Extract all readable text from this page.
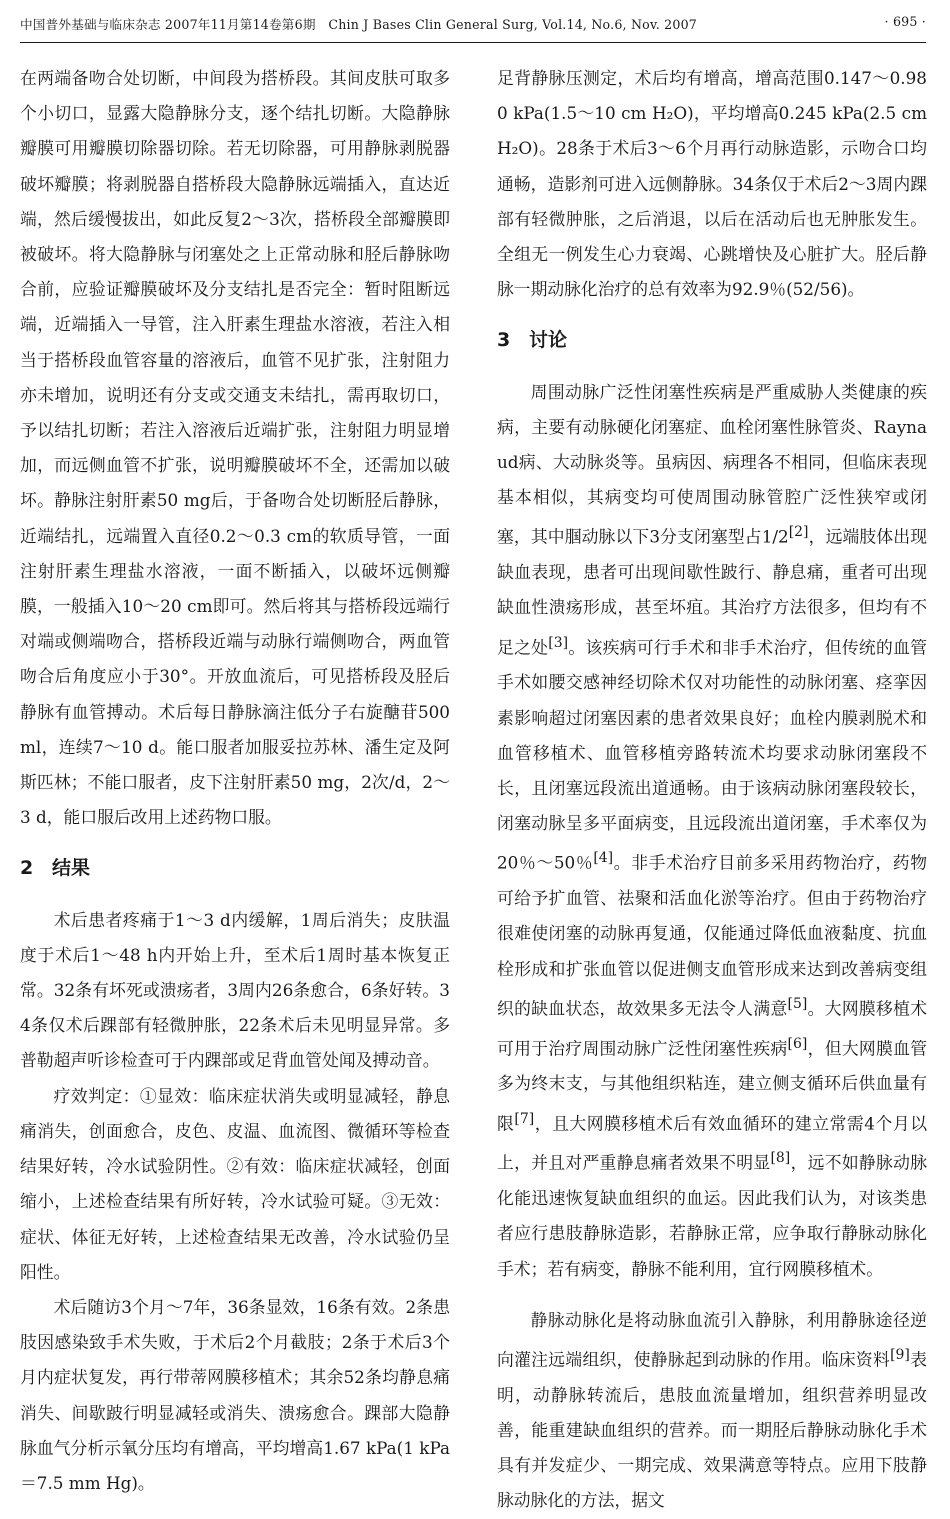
中国普外基础与临床杂志 2007年11月第14卷第6期　Chin J Bases Clin General Surg, Vol.14, No.6, Nov. 2007	· 695 ·

在两端备吻合处切断，中间段为搭桥段。其间皮肤可取多个小切口，显露大隐静脉分支，逐个结扎切断。大隐静脉瓣膜可用瓣膜切除器切除。若无切除器，可用静脉剥脱器破坏瓣膜；将剥脱器自搭桥段大隐静脉远端插入，直达近端，然后缓慢拔出，如此反复2～3次，搭桥段全部瓣膜即被破坏。将大隐静脉与闭塞处之上正常动脉和胫后静脉吻合前，应验证瓣膜破坏及分支结扎是否完全：暂时阻断远端，近端插入一导管，注入肝素生理盐水溶液，若注入相当于搭桥段血管容量的溶液后，血管不见扩张，注射阻力亦未增加，说明还有分支或交通支未结扎，需再取切口，予以结扎切断；若注入溶液后近端扩张，注射阻力明显增加，而远侧血管不扩张，说明瓣膜破坏不全，还需加以破坏。静脉注射肝素50 mg后，于备吻合处切断胫后静脉，近端结扎，远端置入直径0.2～0.3 cm的软质导管，一面注射肝素生理盐水溶液，一面不断插入，以破坏远侧瓣膜，一般插入10～20 cm即可。然后将其与搭桥段远端行对端或侧端吻合，搭桥段近端与动脉行端侧吻合，两血管吻合后角度应小于30°。开放血流后，可见搭桥段及胫后静脉有血管搏动。术后每日静脉滴注低分子右旋醣苷500 ml，连续7～10 d。能口服者加服妥拉苏林、潘生定及阿斯匹林；不能口服者，皮下注射肝素50 mg，2次/d，2～3 d，能口服后改用上述药物口服。

2 结果

术后患者疼痛于1～3 d内缓解，1周后消失；皮肤温度于术后1～48 h内开始上升，至术后1周时基本恢复正常。32条有坏死或溃疡者，3周内26条愈合，6条好转。34条仅术后踝部有轻微肿胀，22条术后未见明显异常。多普勒超声听诊检查可于内踝部或足背血管处闻及搏动音。

疗效判定：①显效：临床症状消失或明显减轻，静息痛消失，创面愈合，皮色、皮温、血流图、微循环等检查结果好转，冷水试验阴性。②有效：临床症状减轻，创面缩小，上述检查结果有所好转，冷水试验可疑。③无效：症状、体征无好转，上述检查结果无改善，冷水试验仍呈阳性。

术后随访3个月～7年，36条显效，16条有效。2条患肢因感染致手术失败，于术后2个月截肢；2条于术后3个月内症状复发，再行带蒂网膜移植术；其余52条均静息痛消失、间歇跛行明显减轻或消失、溃疡愈合。踝部大隐静脉血气分析示氧分压均有增高，平均增高1.67 kPa(1 kPa＝7.5 mm Hg)。

足背静脉压测定，术后均有增高，增高范围0.147～0.980 kPa(1.5～10 cm H₂O)，平均增高0.245 kPa(2.5 cm H₂O)。28条于术后3～6个月再行动脉造影，示吻合口均通畅，造影剂可进入远侧静脉。34条仅于术后2～3周内踝部有轻微肿胀，之后消退，以后在活动后也无肿胀发生。全组无一例发生心力衰竭、心跳增快及心脏扩大。胫后静脉一期动脉化治疗的总有效率为92.9％(52/56)。

3 讨论

周围动脉广泛性闭塞性疾病是严重威胁人类健康的疾病，主要有动脉硬化闭塞症、血栓闭塞性脉管炎、Raynaud病、大动脉炎等。虽病因、病理各不相同，但临床表现基本相似，其病变均可使周围动脉管腔广泛性狭窄或闭塞，其中腘动脉以下3分支闭塞型占1/2[2]，远端肢体出现缺血表现，患者可出现间歇性跛行、静息痛，重者可出现缺血性溃疡形成，甚至坏疽。其治疗方法很多，但均有不足之处[3]。该疾病可行手术和非手术治疗，但传统的血管手术如腰交感神经切除术仅对功能性的动脉闭塞、痉挛因素影响超过闭塞因素的患者效果良好；血栓内膜剥脱术和血管移植术、血管移植旁路转流术均要求动脉闭塞段不长，且闭塞远段流出道通畅。由于该病动脉闭塞段较长，闭塞动脉呈多平面病变，且远段流出道闭塞，手术率仅为20％～50％[4]。非手术治疗目前多采用药物治疗，药物可给予扩血管、祛聚和活血化淤等治疗。但由于药物治疗很难使闭塞的动脉再复通，仅能通过降低血液黏度、抗血栓形成和扩张血管以促进侧支血管形成来达到改善病变组织的缺血状态，故效果多无法令人满意[5]。大网膜移植术可用于治疗周围动脉广泛性闭塞性疾病[6]，但大网膜血管多为终末支，与其他组织粘连，建立侧支循环后供血量有限[7]，且大网膜移植术后有效血循环的建立常需4个月以上，并且对严重静息痛者效果不明显[8]，远不如静脉动脉化能迅速恢复缺血组织的血运。因此我们认为，对该类患者应行患肢静脉造影，若静脉正常，应争取行静脉动脉化手术；若有病变，静脉不能利用，宜行网膜移植术。

静脉动脉化是将动脉血流引入静脉，利用静脉途径逆向灌注远端组织，使静脉起到动脉的作用。临床资料[9]表明，动静脉转流后，患肢血流量增加，组织营养明显改善，能重建缺血组织的营养。而一期胫后静脉动脉化手术具有并发症少、一期完成、效果满意等特点。应用下肢静脉动脉化的方法，据文
